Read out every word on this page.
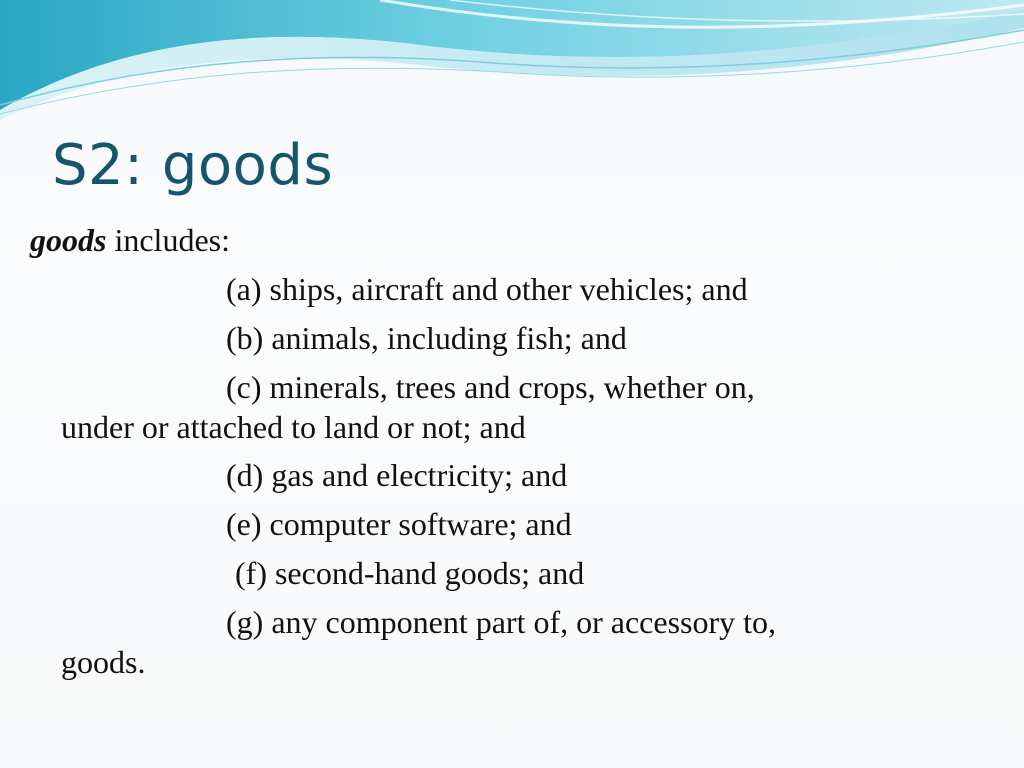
S2: goods
goods includes:
(a) ships, aircraft and other vehicles; and
(b) animals, including fish; and
(c) minerals, trees and crops, whether on,
under or attached to land or not; and
(d) gas and electricity; and
(e) computer software; and
(f) second-hand goods; and
(g) any component part of, or accessory to,
goods.
